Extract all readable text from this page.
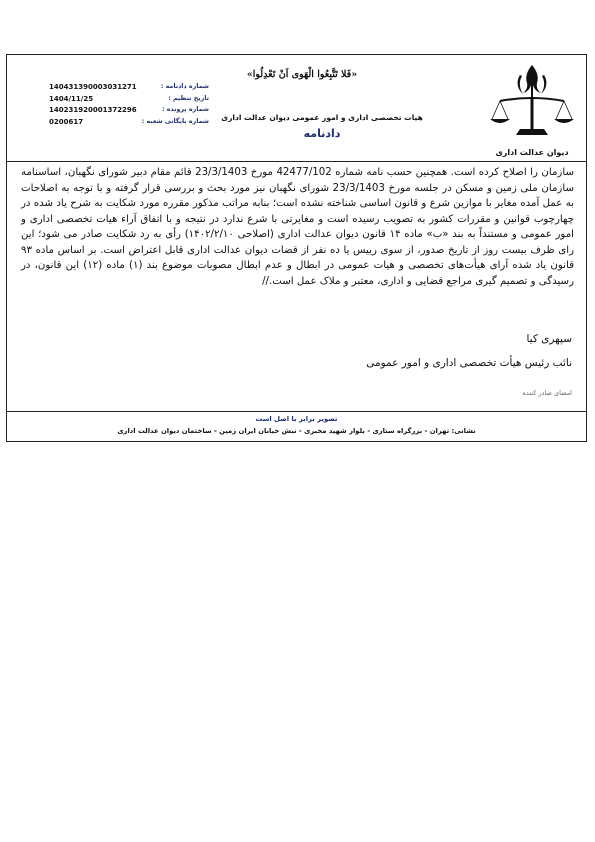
دیوان عدالت اداری
«فَلا تَتَّبِعُوا الْهَوى اَنْ تَعْدِلُوا»
هیات تخصصی اداری و امور عمومی دیوان عدالت اداری
دادنامه
140431390003031271	شماره دادنامه :
1404/11/25	تاریخ تنظیم :
140231920001372296	شماره پرونده :
0200617	شماره بایگانی شعبه :

سازمان را اصلاح کرده است. همچنین حسب نامه شماره 42477/102 مورخ 23/3/1403 قائم مقام دبیر شورای نگهبان، اساسنامه سازمان ملی زمین و مسکن در جلسه مورخ 23/3/1403 شورای نگهبان نیز مورد بحث و بررسی قرار گرفته و با توجه به اصلاحات به عمل آمده مغایر با موازین شرع و قانون اساسی شناخته نشده است؛ بنابه مراتب مذکور مقرره مورد شکایت به شرح یاد شده در چهارچوب قوانین و مقررات کشور به تصویب رسیده است و مغایرتی با شرع ندارد در نتیجه و با اتفاق آراء هیات تخصصی اداری و امور عمومی و مستنداً به بند «ب» ماده ۱۴ قانون دیوان عدالت اداری (اصلاحی ۱۴۰۲/۲/۱۰) رأی به رد شکایت صادر می شود؛ این رای ظرف بیست روز از تاریخ صدور، از سوی رییس یا ده نفر از قضات دیوان عدالت اداری قابل اعتراض است. بر اساس ماده ۹۳ قانون یاد شده آرای هیأت‌های تخصصی و هیات عمومی در ابطال و عدم ابطال مصوبات موضوع بند (۱) ماده (۱۲) این قانون، در رسیدگی و تصمیم گیری مراجع قضایی و اداری، معتبر و ملاک عمل است.//

سپهری کیا
نائب رئیس هیأت تخصصی اداری و امور عمومی
امضای صادر کننده
تصویر برابر با اصل است
نشانی: تهران - بزرگراه ستاری - بلوار شهید مخبری - نبش خیابان ایران زمین - ساختمان دیوان عدالت اداری
